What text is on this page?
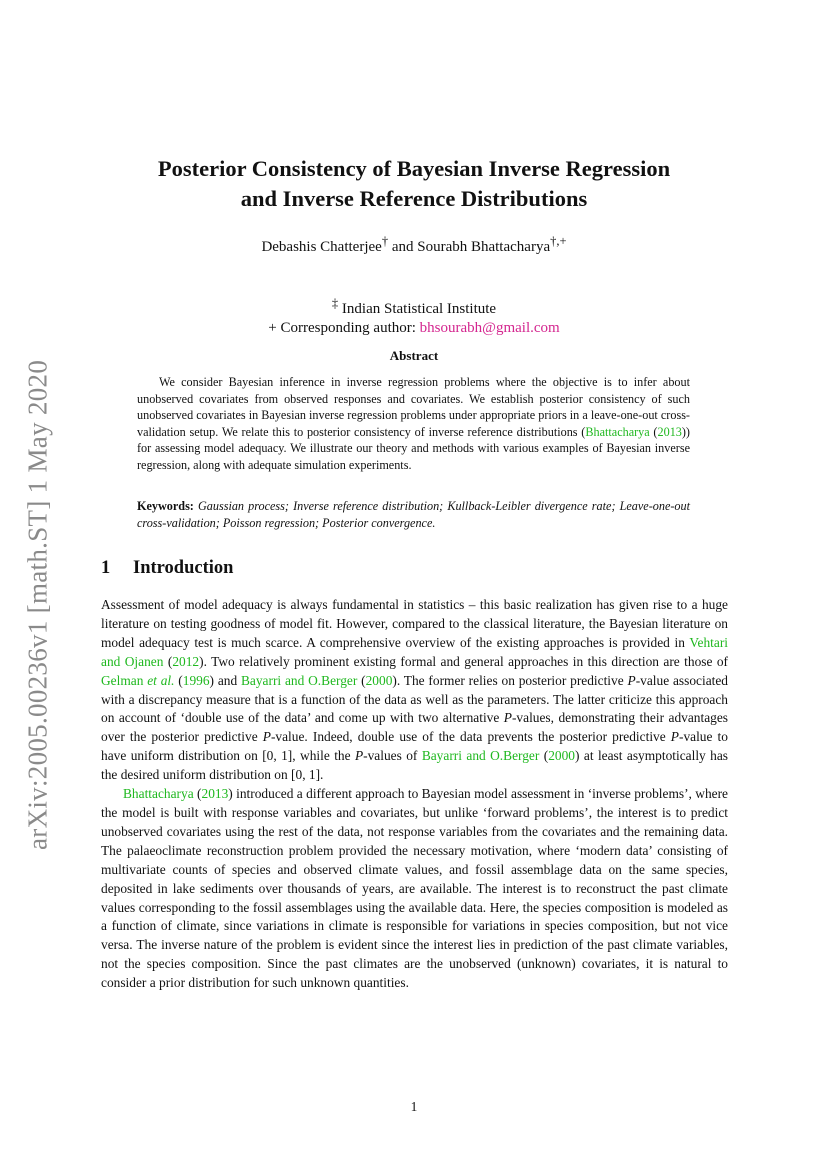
arXiv:2005.00236v1 [math.ST] 1 May 2020
Posterior Consistency of Bayesian Inverse Regression
and Inverse Reference Distributions
Debashis Chatterjee† and Sourabh Bhattacharya†,+
‡ Indian Statistical Institute
+ Corresponding author: bhsourabh@gmail.com
Abstract
We consider Bayesian inference in inverse regression problems where the objective is to infer about unobserved covariates from observed responses and covariates. We establish posterior consistency of such unobserved covariates in Bayesian inverse regression problems under appropriate priors in a leave-one-out cross-validation setup. We relate this to posterior consistency of inverse reference distributions (Bhattacharya (2013)) for assessing model adequacy. We illustrate our theory and methods with various examples of Bayesian inverse regression, along with adequate simulation experiments.
Keywords: Gaussian process; Inverse reference distribution; Kullback-Leibler divergence rate; Leave-one-out cross-validation; Poisson regression; Posterior convergence.
1 Introduction

Assessment of model adequacy is always fundamental in statistics – this basic realization has given rise to a huge literature on testing goodness of model fit. However, compared to the classical literature, the Bayesian literature on model adequacy test is much scarce. A comprehensive overview of the existing approaches is provided in Vehtari and Ojanen (2012). Two relatively prominent existing formal and general approaches in this direction are those of Gelman et al. (1996) and Bayarri and O.Berger (2000). The former relies on posterior predictive P-value associated with a discrepancy measure that is a function of the data as well as the parameters. The latter criticize this approach on account of ‘double use of the data’ and come up with two alternative P-values, demonstrating their advantages over the posterior predictive P-value. Indeed, double use of the data prevents the posterior predictive P-value to have uniform distribution on [0, 1], while the P-values of Bayarri and O.Berger (2000) at least asymptotically has the desired uniform distribution on [0, 1].

Bhattacharya (2013) introduced a different approach to Bayesian model assessment in ‘inverse problems’, where the model is built with response variables and covariates, but unlike ‘forward problems’, the interest is to predict unobserved covariates using the rest of the data, not response variables from the covariates and the remaining data. The palaeoclimate reconstruction problem provided the necessary motivation, where ‘modern data’ consisting of multivariate counts of species and observed climate values, and fossil assemblage data on the same species, deposited in lake sediments over thousands of years, are available. The interest is to reconstruct the past climate values corresponding to the fossil assemblages using the available data. Here, the species composition is modeled as a function of climate, since variations in climate is responsible for variations in species composition, but not vice versa. The inverse nature of the problem is evident since the interest lies in prediction of the past climate variables, not the species composition. Since the past climates are the unobserved (unknown) covariates, it is natural to consider a prior distribution for such unknown quantities.

1
